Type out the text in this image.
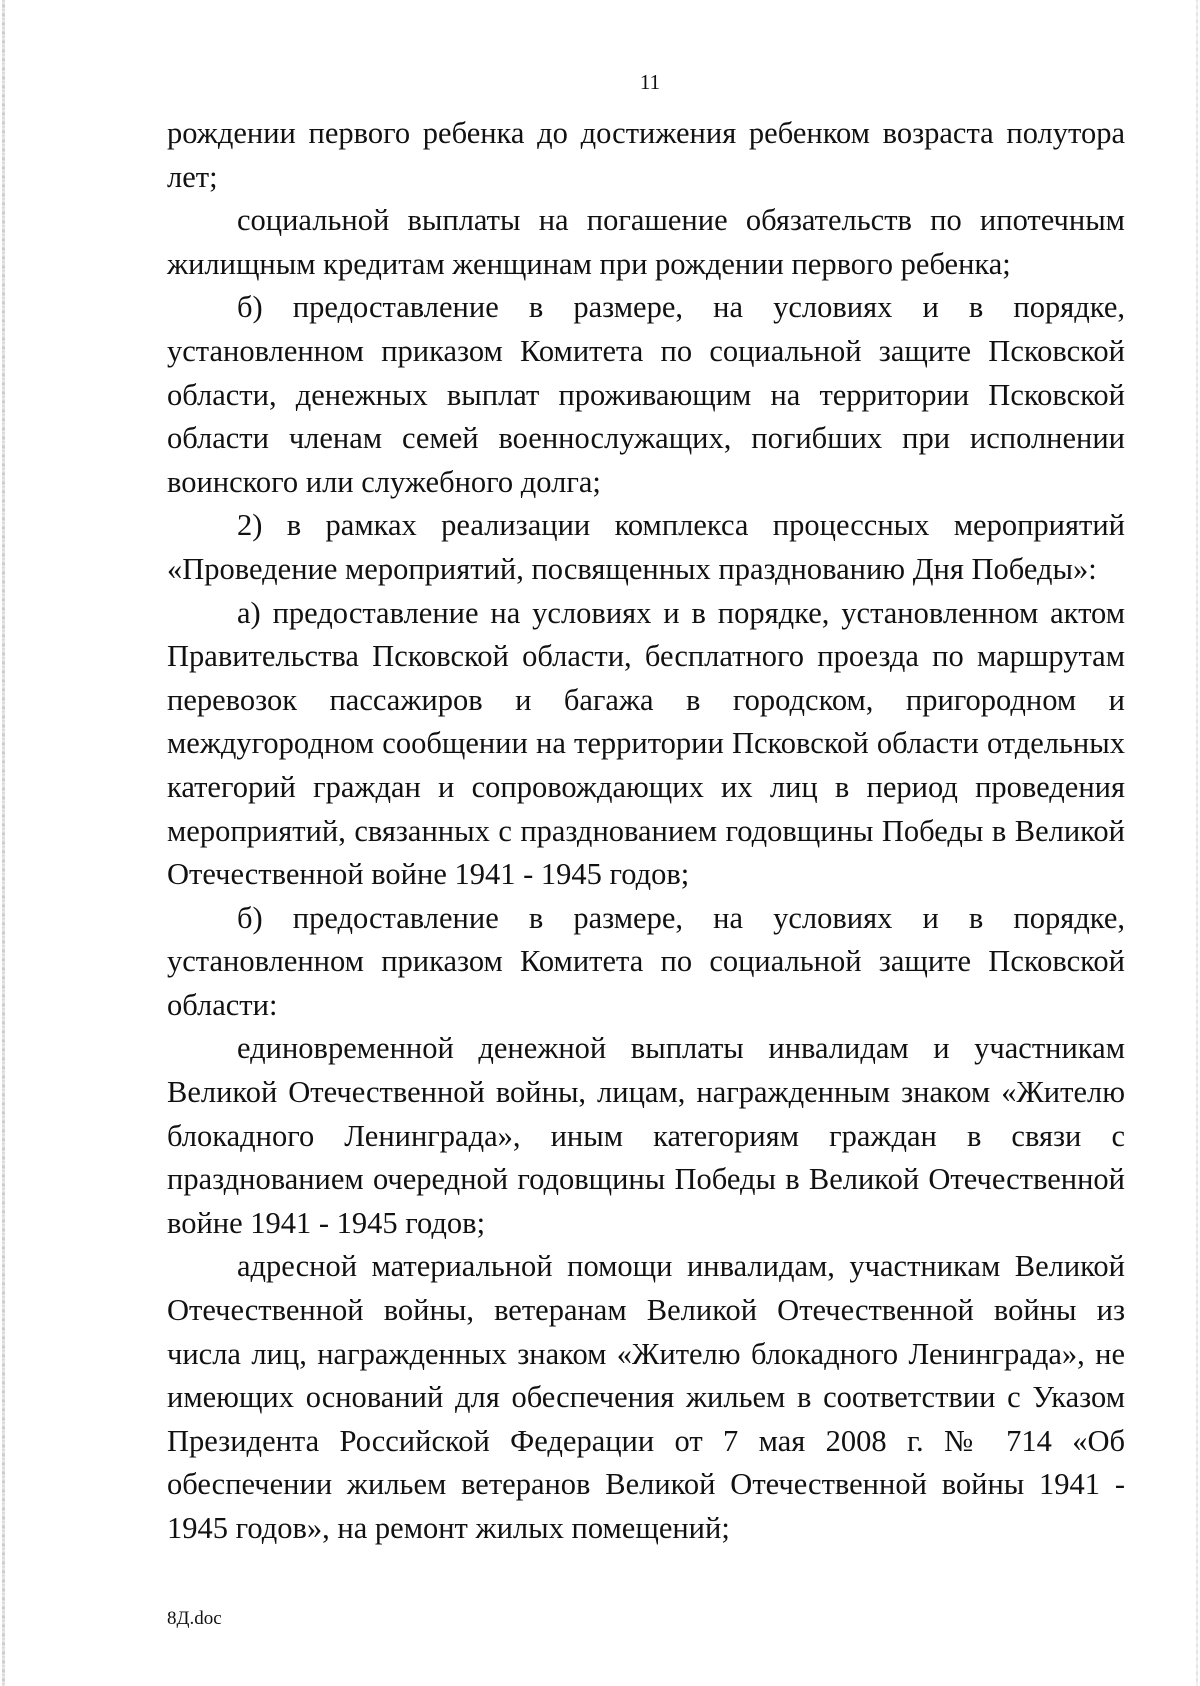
11

рождении первого ребенка до достижения ребенком возраста полутора лет;

социальной выплаты на погашение обязательств по ипотечным жилищным кредитам женщинам при рождении первого ребенка;

б) предоставление в размере, на условиях и в порядке, установленном приказом Комитета по социальной защите Псковской области, денежных выплат проживающим на территории Псковской области членам семей военнослужащих, погибших при исполнении воинского или служебного долга;

2) в рамках реализации комплекса процессных мероприятий «Проведение мероприятий, посвященных празднованию Дня Победы»:

а) предоставление на условиях и в порядке, установленном актом Правительства Псковской области, бесплатного проезда по маршрутам перевозок пассажиров и багажа в городском, пригородном и междугородном сообщении на территории Псковской области отдельных категорий граждан и сопровождающих их лиц в период проведения мероприятий, связанных с празднованием годовщины Победы в Великой Отечественной войне 1941 - 1945 годов;

б) предоставление в размере, на условиях и в порядке, установленном приказом Комитета по социальной защите Псковской области:

единовременной денежной выплаты инвалидам и участникам Великой Отечественной войны, лицам, награжденным знаком «Жителю блокадного Ленинграда», иным категориям граждан в связи с празднованием очередной годовщины Победы в Великой Отечественной войне 1941 - 1945 годов;

адресной материальной помощи инвалидам, участникам Великой Отечественной войны, ветеранам Великой Отечественной войны из числа лиц, награжденных знаком «Жителю блокадного Ленинграда», не имеющих оснований для обеспечения жильем в соответствии с Указом Президента Российской Федерации от 7 мая 2008 г. № 714 «Об обеспечении жильем ветеранов Великой Отечественной войны 1941 - 1945 годов», на ремонт жилых помещений;

8Д.doc
